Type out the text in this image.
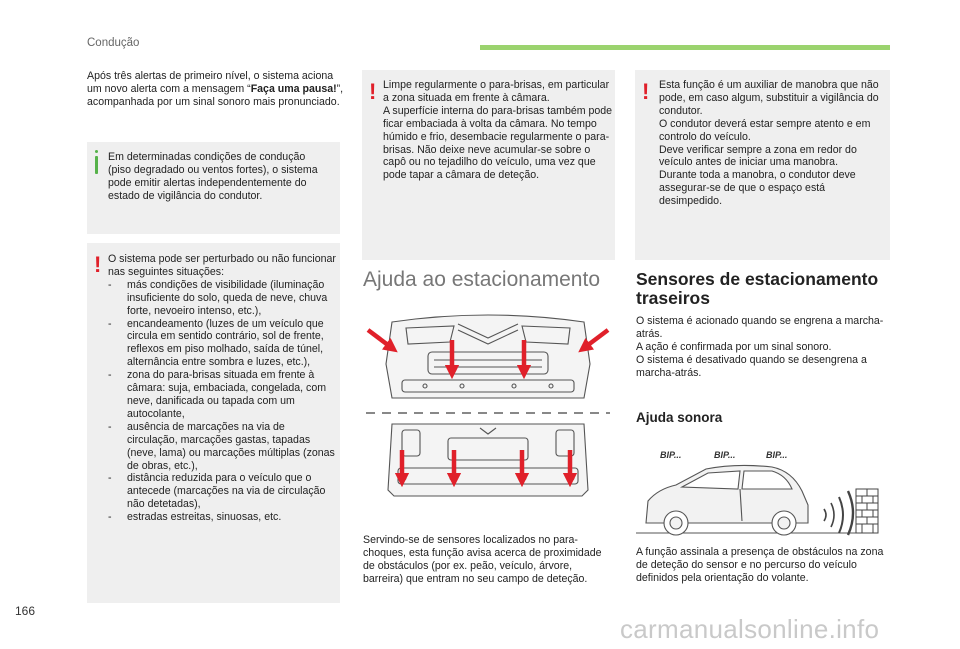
Condução

Após três alertas de primeiro nível, o sistema aciona um novo alerta com a mensagem “Faça uma pausa!”, acompanhada por um sinal sonoro mais pronunciado.

Em determinadas condições de condução (piso degradado ou ventos fortes), o sistema pode emitir alertas independentemente do estado de vigilância do condutor.
! O sistema pode ser perturbado ou não funcionar nas seguintes situações:

- más condições de visibilidade (iluminação insuficiente do solo, queda de neve, chuva forte, nevoeiro intenso, etc.),
- encandeamento (luzes de um veículo que circula em sentido contrário, sol de frente, reflexos em piso molhado, saída de túnel, alternância entre sombra e luzes, etc.),
- zona do para-brisas situada em frente à câmara: suja, embaciada, congelada, com neve, danificada ou tapada com um autocolante,
- ausência de marcações na via de circulação, marcações gastas, tapadas (neve, lama) ou marcações múltiplas (zonas de obras, etc.),
- distância reduzida para o veículo que o antecede (marcações na via de circulação não detetadas),
- estradas estreitas, sinuosas, etc.
! Limpe regularmente o para-brisas, em particular a zona situada em frente à câmara.

A superfície interna do para-brisas também pode ficar embaciada à volta da câmara. No tempo húmido e frio, desembacie regularmente o para-brisas. Não deixe neve acumular-se sobre o capô ou no tejadilho do veículo, uma vez que pode tapar a câmara de deteção.

Ajuda ao estacionamento
Servindo-se de sensores localizados no para-choques, esta função avisa acerca de proximidade de obstáculos (por ex. peão, veículo, árvore, barreira) que entram no seu campo de deteção.
! Esta função é um auxiliar de manobra que não pode, em caso algum, substituir a vigilância do condutor.

O condutor deverá estar sempre atento e em controlo do veículo.

Deve verificar sempre a zona em redor do veículo antes de iniciar uma manobra.

Durante toda a manobra, o condutor deve assegurar-se de que o espaço está desimpedido.

Sensores de estacionamento traseiros

O sistema é acionado quando se engrena a marcha-atrás.

A ação é confirmada por um sinal sonoro.

O sistema é desativado quando se desengrena a marcha-atrás.

Ajuda sonora
BIP...	BIP...	BIP...
A função assinala a presença de obstáculos na zona de deteção do sensor e no percurso do veículo definidos pela orientação do volante.
166
carmanualsonline.info
